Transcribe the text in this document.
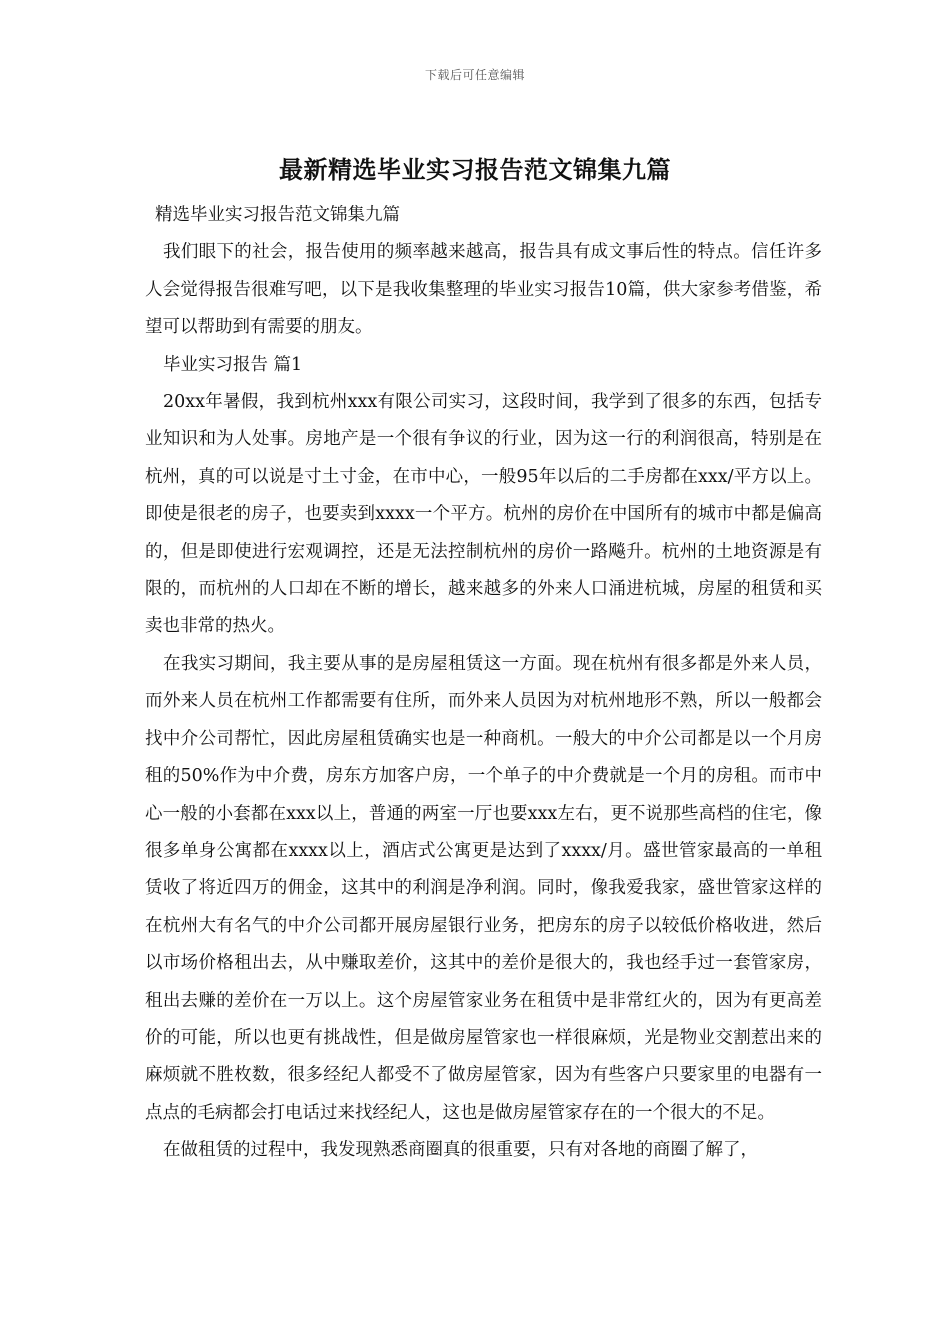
下载后可任意编辑
最新精选毕业实习报告范文锦集九篇

精选毕业实习报告范文锦集九篇

我们眼下的社会，报告使用的频率越来越高，报告具有成文事后性的特点。信任许多人会觉得报告很难写吧，以下是我收集整理的毕业实习报告10篇，供大家参考借鉴，希望可以帮助到有需要的朋友。

毕业实习报告 篇1

20xx年暑假，我到杭州xxx有限公司实习，这段时间，我学到了很多的东西，包括专业知识和为人处事。房地产是一个很有争议的行业，因为这一行的利润很高，特别是在杭州，真的可以说是寸土寸金，在市中心，一般95年以后的二手房都在xxx/平方以上。即使是很老的房子，也要卖到xxxx一个平方。杭州的房价在中国所有的城市中都是偏高的，但是即使进行宏观调控，还是无法控制杭州的房价一路飚升。杭州的土地资源是有限的，而杭州的人口却在不断的增长，越来越多的外来人口涌进杭城，房屋的租赁和买卖也非常的热火。

在我实习期间，我主要从事的是房屋租赁这一方面。现在杭州有很多都是外来人员，而外来人员在杭州工作都需要有住所，而外来人员因为对杭州地形不熟，所以一般都会找中介公司帮忙，因此房屋租赁确实也是一种商机。一般大的中介公司都是以一个月房租的50%作为中介费，房东方加客户房，一个单子的中介费就是一个月的房租。而市中心一般的小套都在xxx以上，普通的两室一厅也要xxx左右，更不说那些高档的住宅，像很多单身公寓都在xxxx以上，酒店式公寓更是达到了xxxx/月。盛世管家最高的一单租赁收了将近四万的佣金，这其中的利润是净利润。同时，像我爱我家，盛世管家这样的在杭州大有名气的中介公司都开展房屋银行业务，把房东的房子以较低价格收进，然后以市场价格租出去，从中赚取差价，这其中的差价是很大的，我也经手过一套管家房，租出去赚的差价在一万以上。这个房屋管家业务在租赁中是非常红火的，因为有更高差价的可能，所以也更有挑战性，但是做房屋管家也一样很麻烦，光是物业交割惹出来的麻烦就不胜枚数，很多经纪人都受不了做房屋管家，因为有些客户只要家里的电器有一点点的毛病都会打电话过来找经纪人，这也是做房屋管家存在的一个很大的不足。

在做租赁的过程中，我发现熟悉商圈真的很重要，只有对各地的商圈了解了，
